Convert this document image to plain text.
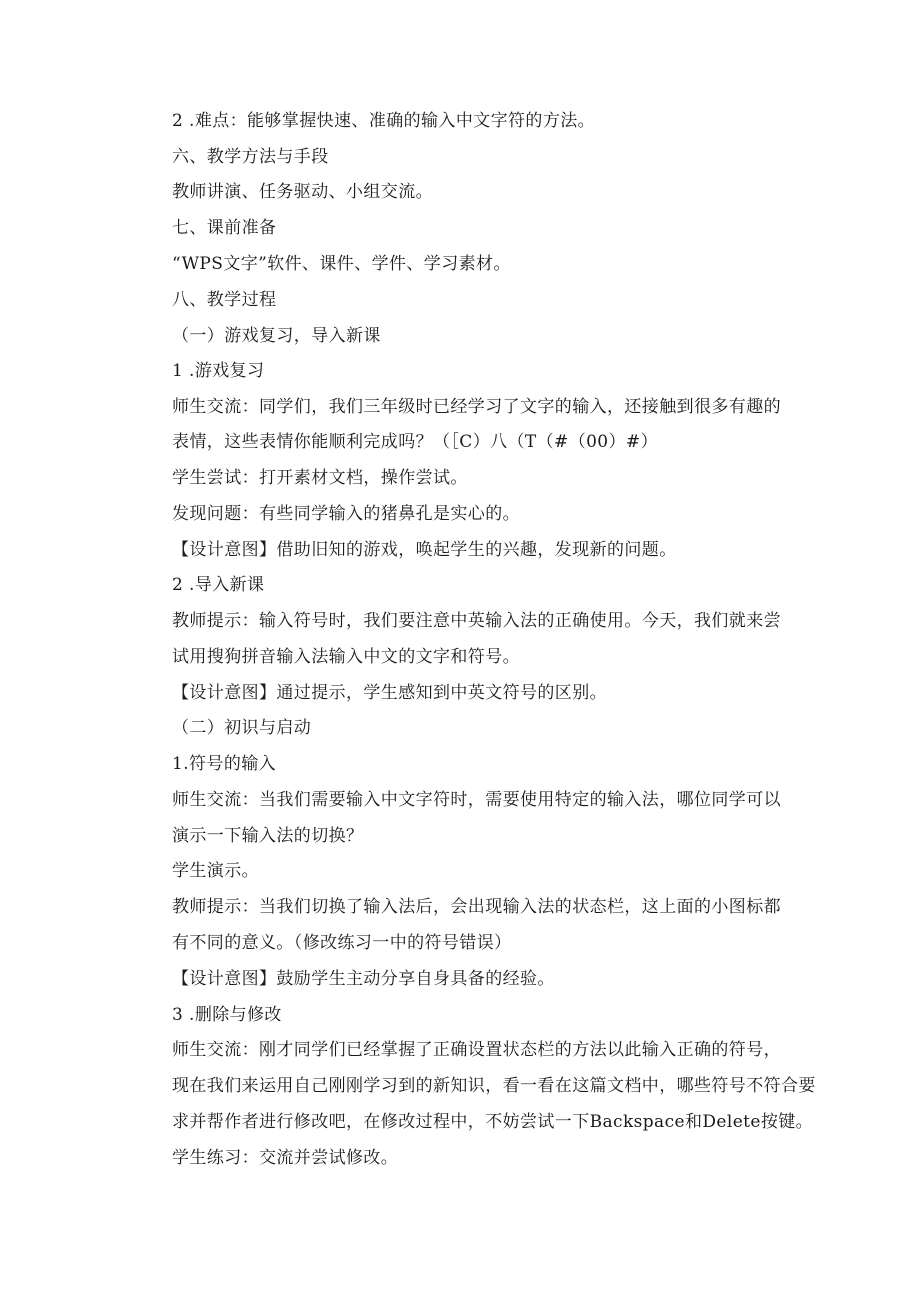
2 .难点：能够掌握快速、准确的输入中文字符的方法。
六、教学方法与手段
教师讲演、任务驱动、小组交流。
七、课前准备
“WPS文字”软件、课件、学件、学习素材。
八、教学过程
（一）游戏复习，导入新课
1 .游戏复习
师生交流：同学们，我们三年级时已经学习了文字的输入，还接触到很多有趣的
表情，这些表情你能顺利完成吗？（［C）八（T（#（00）#）
学生尝试：打开素材文档，操作尝试。
发现问题：有些同学输入的猪鼻孔是实心的。
【设计意图】借助旧知的游戏，唤起学生的兴趣，发现新的问题。
2 .导入新课
教师提示：输入符号时，我们要注意中英输入法的正确使用。今天，我们就来尝
试用搜狗拼音输入法输入中文的文字和符号。
【设计意图】通过提示，学生感知到中英文符号的区别。
（二）初识与启动
1.符号的输入
师生交流：当我们需要输入中文字符时，需要使用特定的输入法，哪位同学可以
演示一下输入法的切换？
学生演示。
教师提示：当我们切换了输入法后，会出现输入法的状态栏，这上面的小图标都
有不同的意义。（修改练习一中的符号错误）
【设计意图】鼓励学生主动分享自身具备的经验。
3 .删除与修改
师生交流：刚才同学们已经掌握了正确设置状态栏的方法以此输入正确的符号，
现在我们来运用自己刚刚学习到的新知识，看一看在这篇文档中，哪些符号不符合要
求并帮作者进行修改吧，在修改过程中，不妨尝试一下Backspace和Delete按键。
学生练习：交流并尝试修改。
